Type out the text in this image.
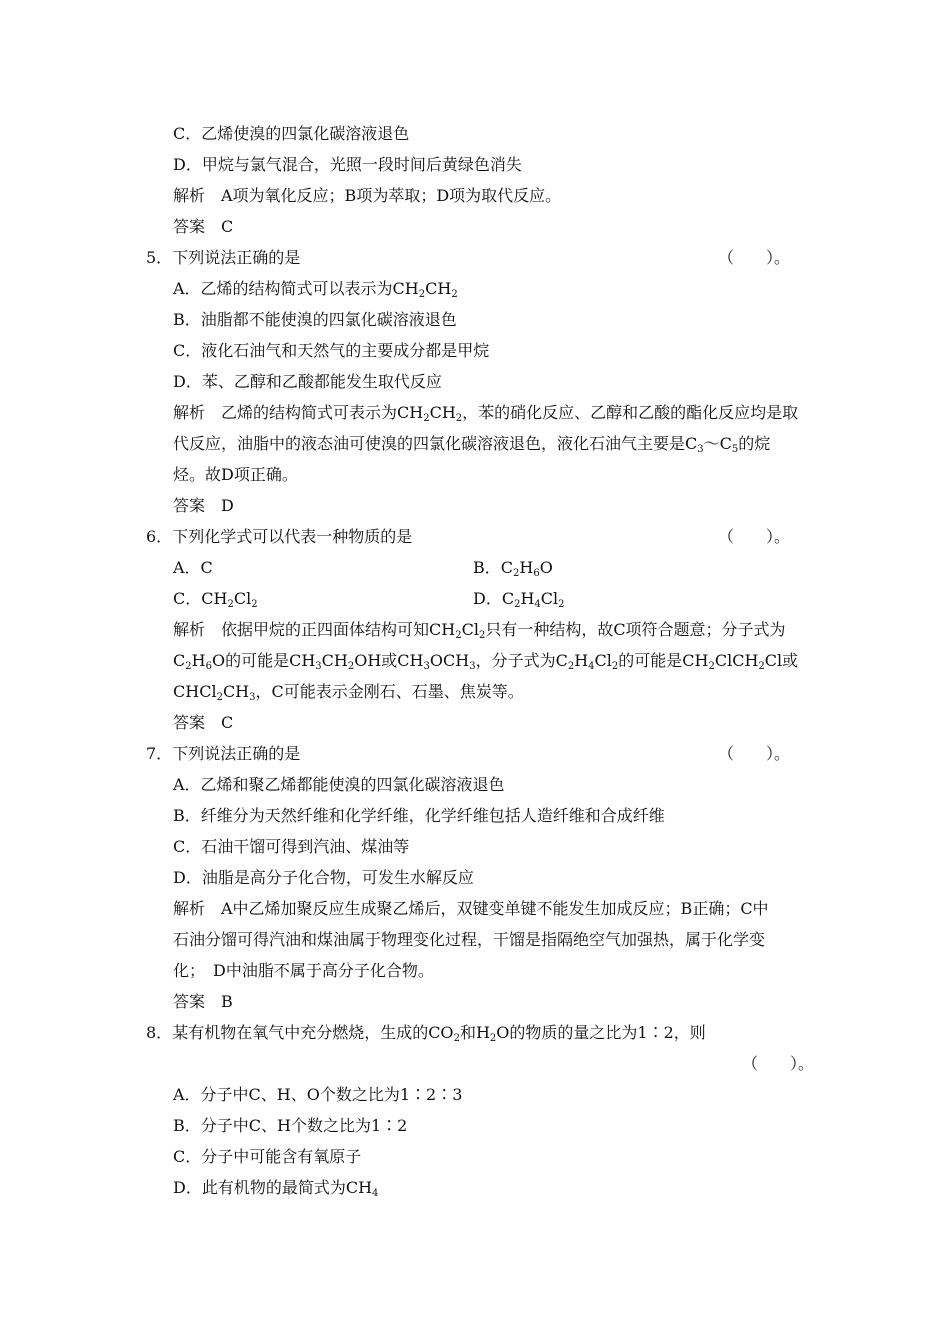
C．乙烯使溴的四氯化碳溶液退色
D．甲烷与氯气混合，光照一段时间后黄绿色消失
解析　A项为氧化反应；B项为萃取；D项为取代反应。
答案　C
5．下列说法正确的是	（　　）。
A．乙烯的结构简式可以表示为$CH_2CH_2$
B．油脂都不能使溴的四氯化碳溶液退色
C．液化石油气和天然气的主要成分都是甲烷
D．苯、乙醇和乙酸都能发生取代反应
解析　乙烯的结构简式可表示为$CH_2CH_2$，苯的硝化反应、乙醇和乙酸的酯化反应均是取
代反应，油脂中的液态油可使溴的四氯化碳溶液退色，液化石油气主要是$C_3\sim C_5$的烷
烃。故D项正确。
答案　D
6．下列化学式可以代表一种物质的是	（　　）。
A．C	B．$C_2H_6O$
C．$CH_2Cl_2$	D．$C_2H_4Cl_2$
解析　依据甲烷的正四面体结构可知$CH_2Cl_2$只有一种结构，故C项符合题意；分子式为
$C_2H_6O$的可能是$CH_3CH_2OH$或$CH_3OCH_3$，分子式为$C_2H_4Cl_2$的可能是$CH_2ClCH_2Cl$或
$CHCl_2CH_3$，C可能表示金刚石、石墨、焦炭等。
答案　C
7．下列说法正确的是	（　　）。
A．乙烯和聚乙烯都能使溴的四氯化碳溶液退色
B．纤维分为天然纤维和化学纤维，化学纤维包括人造纤维和合成纤维
C．石油干馏可得到汽油、煤油等
D．油脂是高分子化合物，可发生水解反应
解析　A中乙烯加聚反应生成聚乙烯后，双键变单键不能发生加成反应；B正确；C中
石油分馏可得汽油和煤油属于物理变化过程，干馏是指隔绝空气加强热，属于化学变
化；　D中油脂不属于高分子化合物。
答案　B
8．某有机物在氧气中充分燃烧，生成的$CO_2$和$H_2O$的物质的量之比为1∶2，则
（　　）。
A．分子中C、H、O个数之比为1∶2∶3
B．分子中C、H个数之比为1∶2
C．分子中可能含有氧原子
D．此有机物的最简式为$CH_4$
